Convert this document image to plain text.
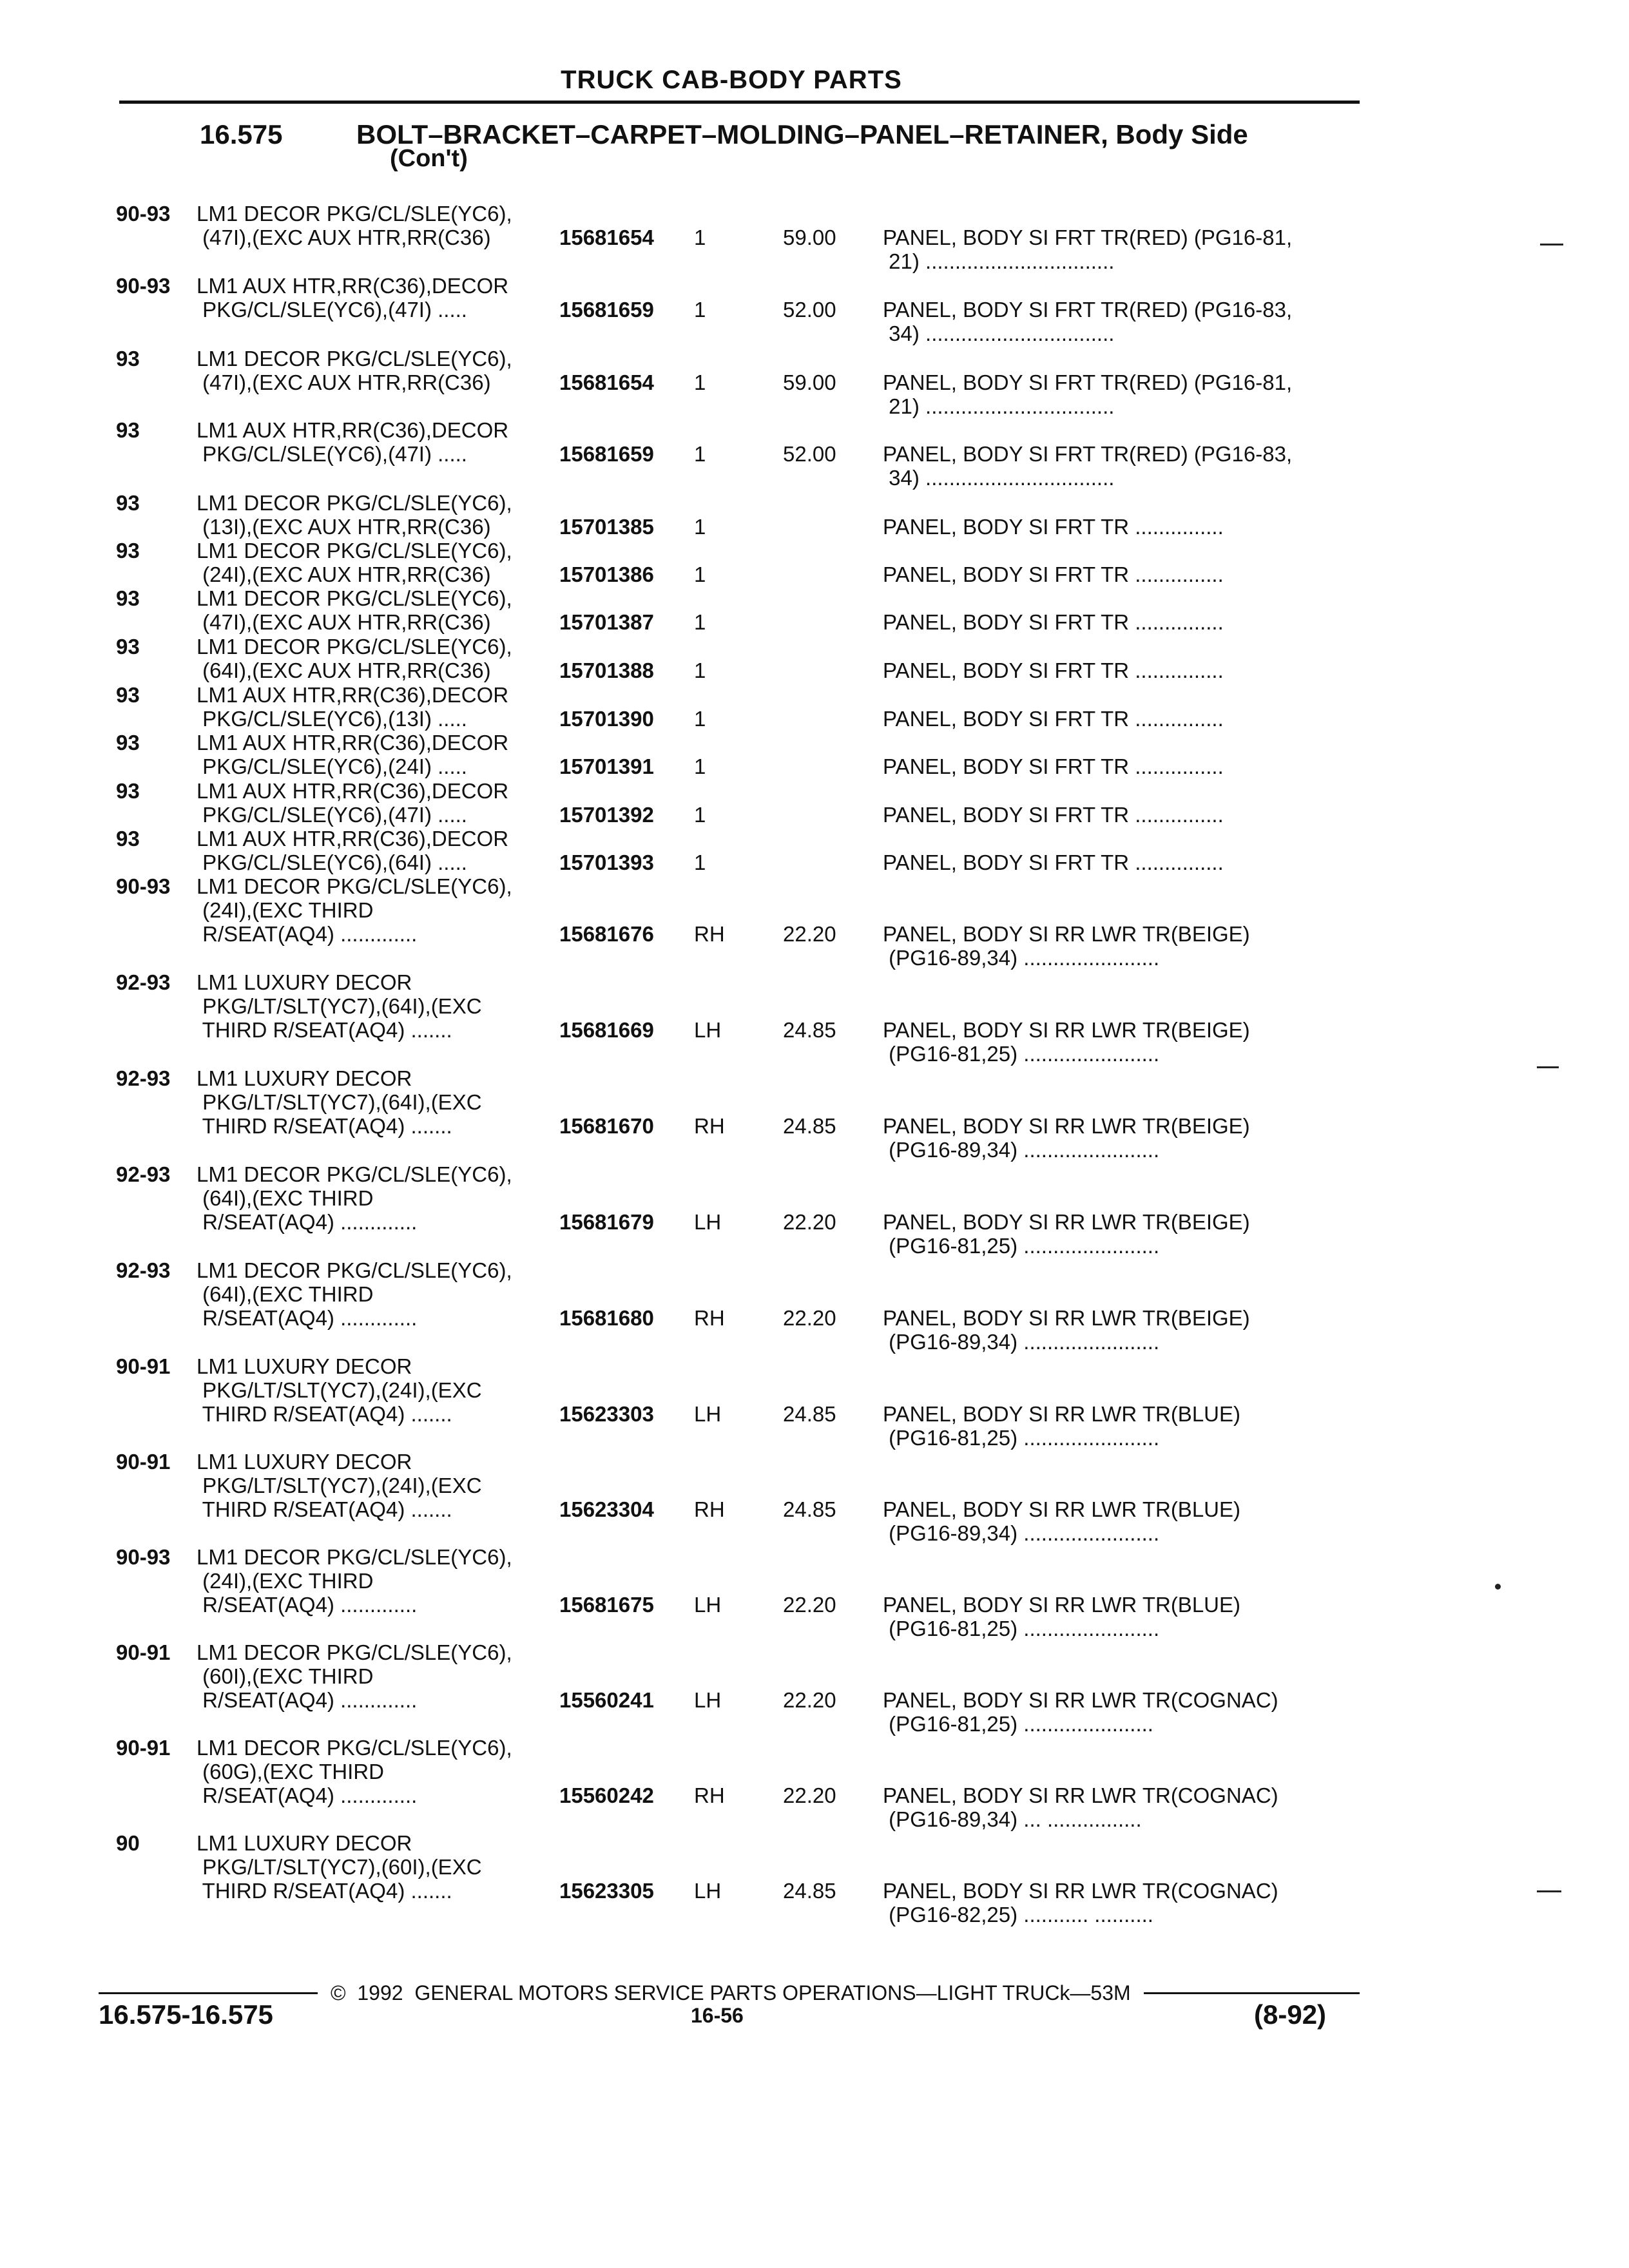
TRUCK CAB-BODY PARTS
16.575	BOLT–BRACKET–CARPET–MOLDING–PANEL–RETAINER, Body Side
(Con't)
90-93 LM1 DECOR PKG/CL/SLE(YC6),
(47I),(EXC AUX HTR,RR(C36)	15681654 1	59.00 PANEL, BODY SI FRT TR(RED) (PG16-81,
21) ................................
90-93 LM1 AUX HTR,RR(C36),DECOR
PKG/CL/SLE(YC6),(47I) .....	15681659 1	52.00 PANEL, BODY SI FRT TR(RED) (PG16-83,
34) ................................
93	LM1 DECOR PKG/CL/SLE(YC6),
(47I),(EXC AUX HTR,RR(C36)	15681654 1	59.00 PANEL, BODY SI FRT TR(RED) (PG16-81,
21) ................................
93	LM1 AUX HTR,RR(C36),DECOR
PKG/CL/SLE(YC6),(47I) .....	15681659 1	52.00 PANEL, BODY SI FRT TR(RED) (PG16-83,
34) ................................
93	LM1 DECOR PKG/CL/SLE(YC6),
(13I),(EXC AUX HTR,RR(C36)	15701385 1	PANEL, BODY SI FRT TR ...............
93	LM1 DECOR PKG/CL/SLE(YC6),
(24I),(EXC AUX HTR,RR(C36)	15701386 1	PANEL, BODY SI FRT TR ...............
93	LM1 DECOR PKG/CL/SLE(YC6),
(47I),(EXC AUX HTR,RR(C36)	15701387 1	PANEL, BODY SI FRT TR ...............
93	LM1 DECOR PKG/CL/SLE(YC6),
(64I),(EXC AUX HTR,RR(C36)	15701388 1	PANEL, BODY SI FRT TR ...............
93	LM1 AUX HTR,RR(C36),DECOR
PKG/CL/SLE(YC6),(13I) .....	15701390 1	PANEL, BODY SI FRT TR ...............
93	LM1 AUX HTR,RR(C36),DECOR
PKG/CL/SLE(YC6),(24I) .....	15701391 1	PANEL, BODY SI FRT TR ...............
93	LM1 AUX HTR,RR(C36),DECOR
PKG/CL/SLE(YC6),(47I) .....	15701392 1	PANEL, BODY SI FRT TR ...............
93	LM1 AUX HTR,RR(C36),DECOR
PKG/CL/SLE(YC6),(64I) .....	15701393 1	PANEL, BODY SI FRT TR ...............
90-93 LM1 DECOR PKG/CL/SLE(YC6),
(24I),(EXC THIRD
R/SEAT(AQ4) .............	15681676 RH	22.20 PANEL, BODY SI RR LWR TR(BEIGE)
(PG16-89,34) .......................
92-93 LM1 LUXURY DECOR
PKG/LT/SLT(YC7),(64I),(EXC
THIRD R/SEAT(AQ4) .......	15681669 LH	24.85 PANEL, BODY SI RR LWR TR(BEIGE)
(PG16-81,25) .......................
92-93 LM1 LUXURY DECOR
PKG/LT/SLT(YC7),(64I),(EXC
THIRD R/SEAT(AQ4) .......	15681670 RH	24.85 PANEL, BODY SI RR LWR TR(BEIGE)
(PG16-89,34) .......................
92-93 LM1 DECOR PKG/CL/SLE(YC6),
(64I),(EXC THIRD
R/SEAT(AQ4) .............	15681679 LH	22.20 PANEL, BODY SI RR LWR TR(BEIGE)
(PG16-81,25) .......................
92-93 LM1 DECOR PKG/CL/SLE(YC6),
(64I),(EXC THIRD
R/SEAT(AQ4) .............	15681680 RH	22.20 PANEL, BODY SI RR LWR TR(BEIGE)
(PG16-89,34) .......................
90-91 LM1 LUXURY DECOR
PKG/LT/SLT(YC7),(24I),(EXC
THIRD R/SEAT(AQ4) .......	15623303 LH	24.85 PANEL, BODY SI RR LWR TR(BLUE)
(PG16-81,25) .......................
90-91 LM1 LUXURY DECOR
PKG/LT/SLT(YC7),(24I),(EXC
THIRD R/SEAT(AQ4) .......	15623304 RH	24.85 PANEL, BODY SI RR LWR TR(BLUE)
(PG16-89,34) .......................
90-93 LM1 DECOR PKG/CL/SLE(YC6),
(24I),(EXC THIRD
R/SEAT(AQ4) .............	15681675 LH	22.20 PANEL, BODY SI RR LWR TR(BLUE)
(PG16-81,25) .......................
90-91 LM1 DECOR PKG/CL/SLE(YC6),
(60I),(EXC THIRD
R/SEAT(AQ4) .............	15560241 LH	22.20 PANEL, BODY SI RR LWR TR(COGNAC)
(PG16-81,25) ......................
90-91 LM1 DECOR PKG/CL/SLE(YC6),
(60G),(EXC THIRD
R/SEAT(AQ4) .............	15560242 RH	22.20 PANEL, BODY SI RR LWR TR(COGNAC)
(PG16-89,34) ... ................
90	LM1 LUXURY DECOR
PKG/LT/SLT(YC7),(60I),(EXC
THIRD R/SEAT(AQ4) .......	15623305 LH	24.85 PANEL, BODY SI RR LWR TR(COGNAC)
(PG16-82,25) ........... ..........
©  1992  GENERAL MOTORS SERVICE PARTS OPERATIONS—LIGHT TRUCk—53M
16.575-16.575	16-56	(8-92)
